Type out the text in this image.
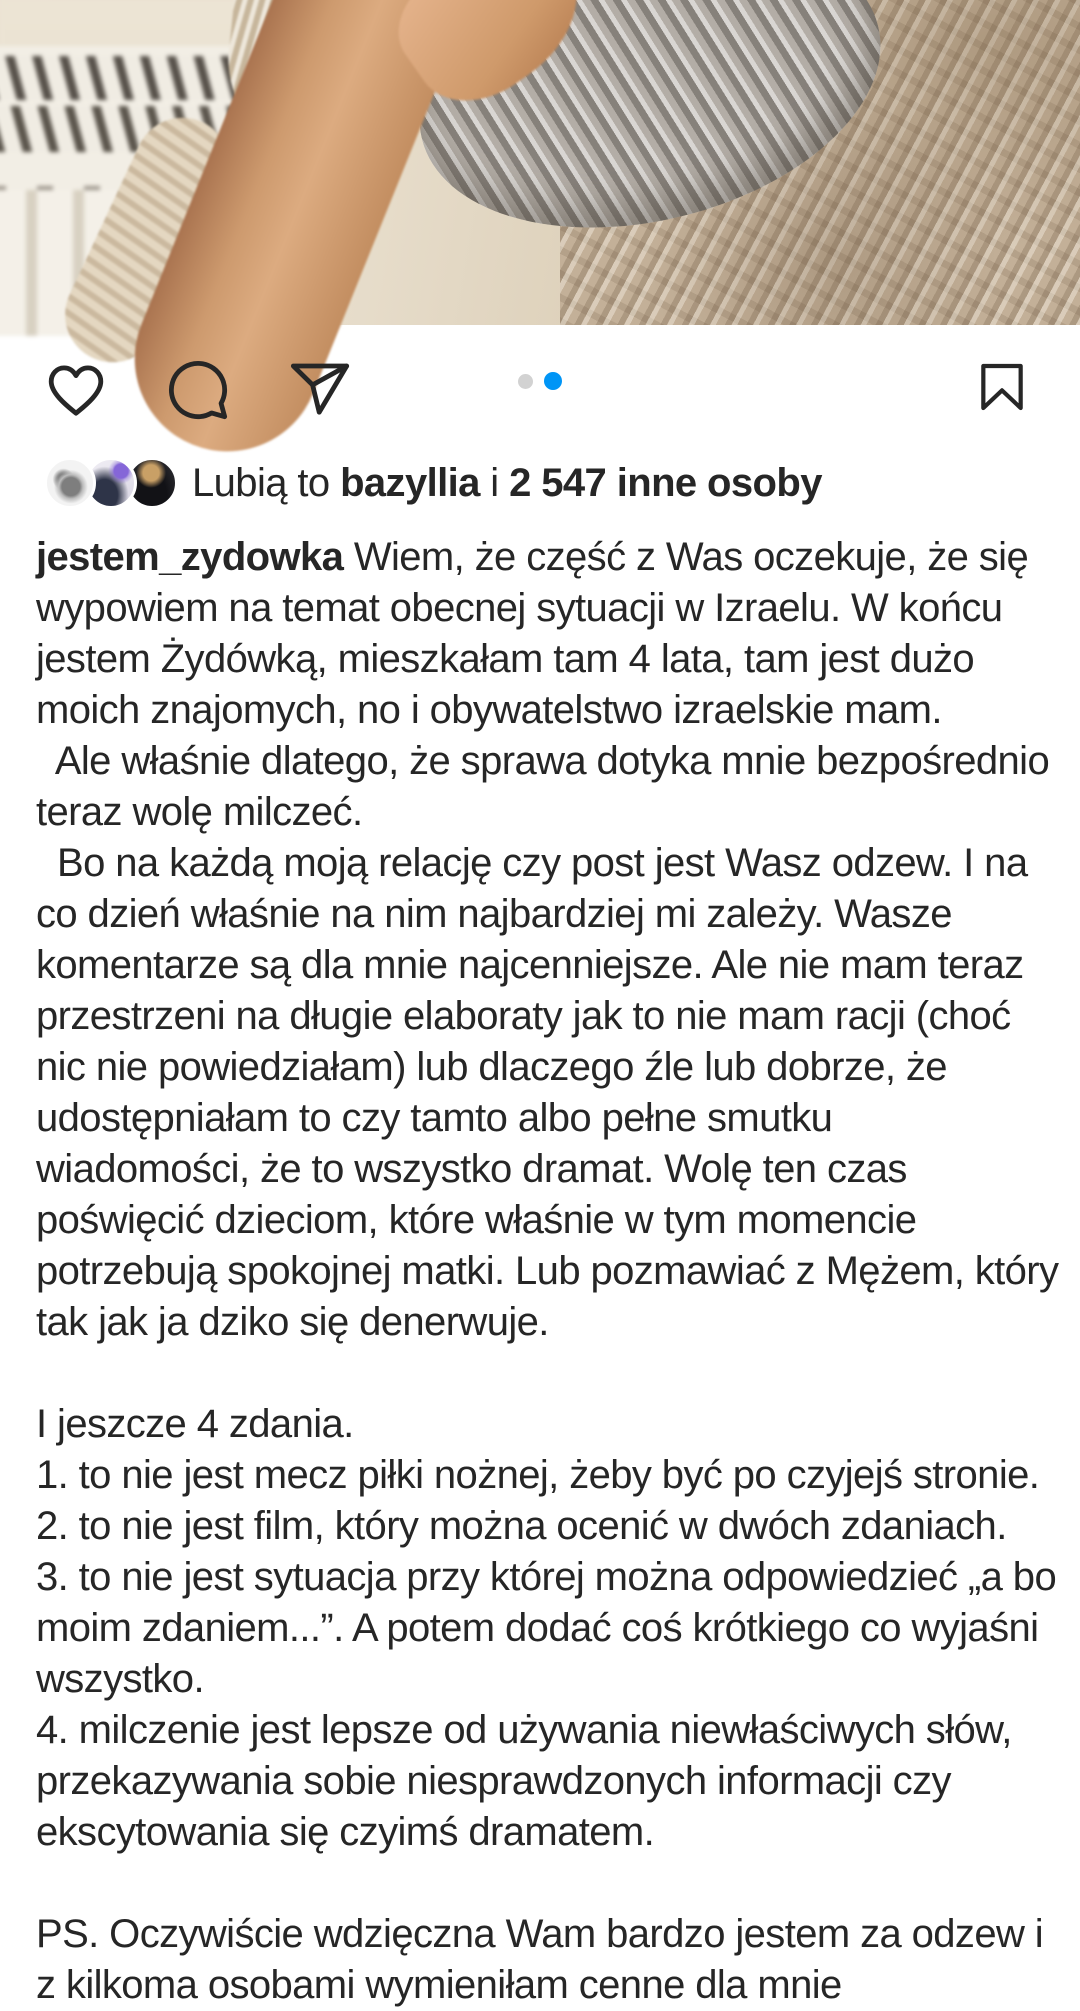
Lubią to bazyllia i 2 547 inne osoby
jestem_zydowka Wiem, że część z Was oczekuje, że się
wypowiem na temat obecnej sytuacji w Izraelu. W końcu
jestem Żydówką, mieszkałam tam 4 lata, tam jest dużo
moich znajomych, no i obywatelstwo izraelskie mam.
Ale właśnie dlatego, że sprawa dotyka mnie bezpośrednio
teraz wolę milczeć.
Bo na każdą moją relację czy post jest Wasz odzew. I na
co dzień właśnie na nim najbardziej mi zależy. Wasze
komentarze są dla mnie najcenniejsze. Ale nie mam teraz
przestrzeni na długie elaboraty jak to nie mam racji (choć
nic nie powiedziałam) lub dlaczego źle lub dobrze, że
udostępniałam to czy tamto albo pełne smutku
wiadomości, że to wszystko dramat. Wolę ten czas
poświęcić dzieciom, które właśnie w tym momencie
potrzebują spokojnej matki. Lub pozmawiać z Mężem, który
tak jak ja dziko się denerwuje.

I jeszcze 4 zdania.
1. to nie jest mecz piłki nożnej, żeby być po czyjejś stronie.
2. to nie jest film, który można ocenić w dwóch zdaniach.
3. to nie jest sytuacja przy której można odpowiedzieć „a bo
moim zdaniem...”. A potem dodać coś krótkiego co wyjaśni
wszystko.
4. milczenie jest lepsze od używania niewłaściwych słów,
przekazywania sobie niesprawdzonych informacji czy
ekscytowania się czyimś dramatem.

PS. Oczywiście wdzięczna Wam bardzo jestem za odzew i
z kilkoma osobami wymieniłam cenne dla mnie
